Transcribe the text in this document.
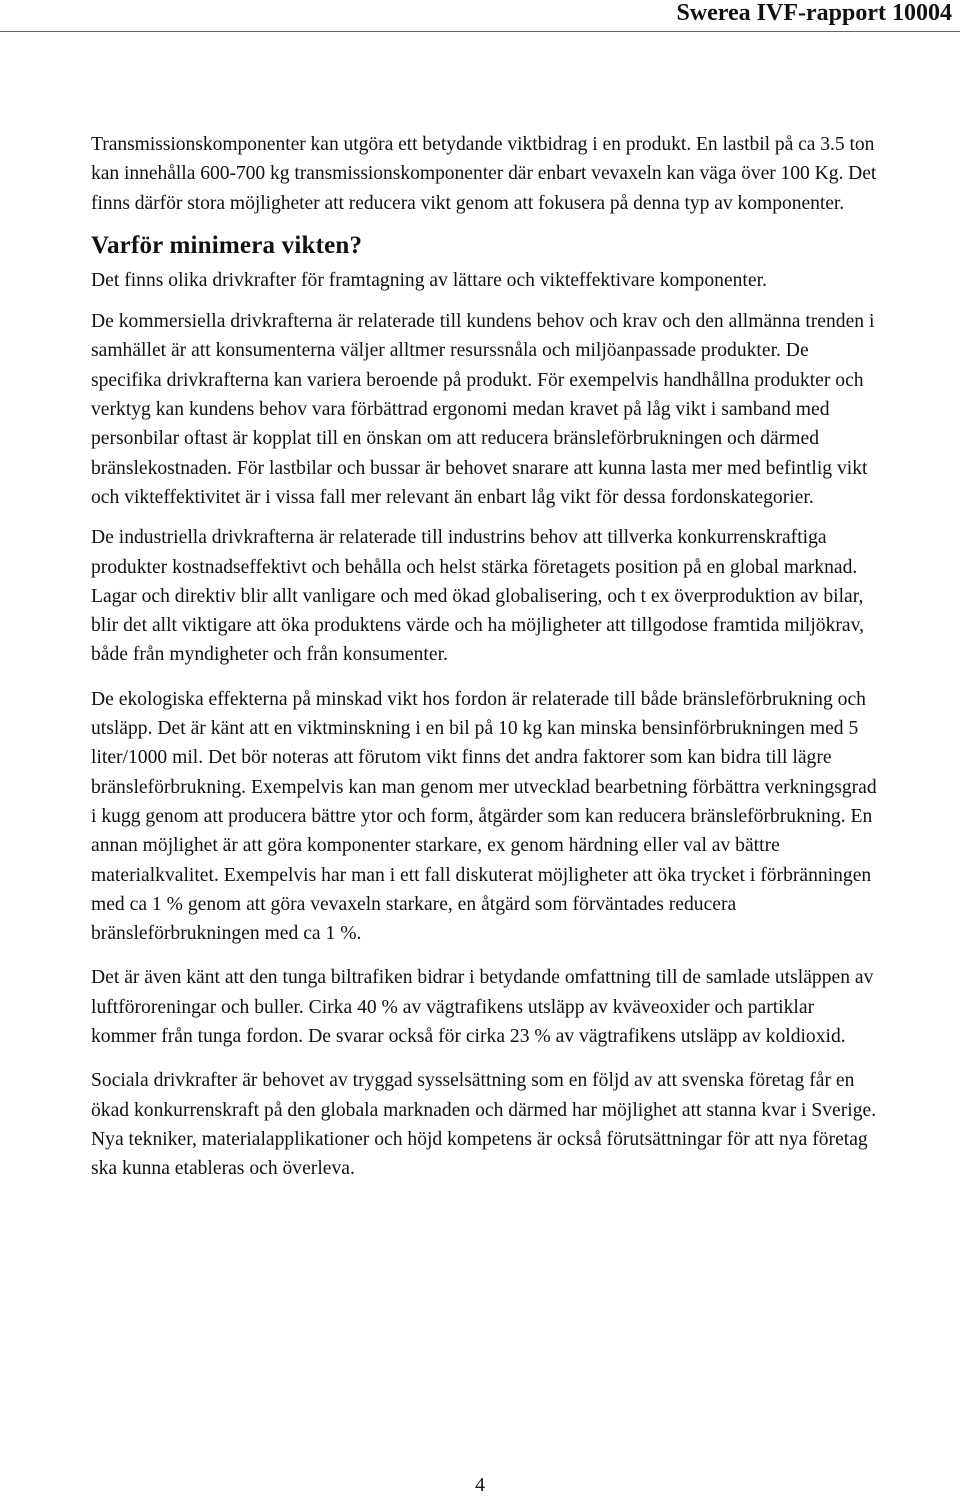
Swerea IVF-rapport 10004

Transmissionskomponenter kan utgöra ett betydande viktbidrag i en produkt. En lastbil på ca 3.5 ton kan innehålla 600-700 kg transmissionskomponenter där enbart vevaxeln kan väga över 100 Kg. Det finns därför stora möjligheter att reducera vikt genom att fokusera på denna typ av komponenter.

Varför minimera vikten?

Det finns olika drivkrafter för framtagning av lättare och vikteffektivare komponenter.

De kommersiella drivkrafterna är relaterade till kundens behov och krav och den allmänna trenden i samhället är att konsumenterna väljer alltmer resurssnåla och miljöanpassade produkter. De specifika drivkrafterna kan variera beroende på produkt. För exempelvis handhållna produkter och verktyg kan kundens behov vara förbättrad ergonomi medan kravet på låg vikt i samband med personbilar oftast är kopplat till en önskan om att reducera bränsleförbrukningen och därmed bränslekostnaden. För lastbilar och bussar är behovet snarare att kunna lasta mer med befintlig vikt och vikteffektivitet är i vissa fall mer relevant än enbart låg vikt för dessa fordonskategorier.

De industriella drivkrafterna är relaterade till industrins behov att tillverka konkurrenskraftiga produkter kostnadseffektivt och behålla och helst stärka företagets position på en global marknad. Lagar och direktiv blir allt vanligare och med ökad globalisering, och t ex överproduktion av bilar, blir det allt viktigare att öka produktens värde och ha möjligheter att tillgodose framtida miljökrav, både från myndigheter och från konsumenter.

De ekologiska effekterna på minskad vikt hos fordon är relaterade till både bränsleförbrukning och utsläpp. Det är känt att en viktminskning i en bil på 10 kg kan minska bensinförbrukningen med 5 liter/1000 mil. Det bör noteras att förutom vikt finns det andra faktorer som kan bidra till lägre bränsleförbrukning. Exempelvis kan man genom mer utvecklad bearbetning förbättra verkningsgrad i kugg genom att producera bättre ytor och form, åtgärder som kan reducera bränsleförbrukning. En annan möjlighet är att göra komponenter starkare, ex genom härdning eller val av bättre materialkvalitet. Exempelvis har man i ett fall diskuterat möjligheter att öka trycket i förbränningen med ca 1 % genom att göra vevaxeln starkare, en åtgärd som förväntades reducera bränsleförbrukningen med ca 1 %.

Det är även känt att den tunga biltrafiken bidrar i betydande omfattning till de samlade utsläppen av luftföroreningar och buller. Cirka 40 % av vägtrafikens utsläpp av kväveoxider och partiklar kommer från tunga fordon. De svarar också för cirka 23 % av vägtrafikens utsläpp av koldioxid.

Sociala drivkrafter är behovet av tryggad sysselsättning som en följd av att svenska företag får en ökad konkurrenskraft på den globala marknaden och därmed har möjlighet att stanna kvar i Sverige. Nya tekniker, materialapplikationer och höjd kompetens är också förutsättningar för att nya företag ska kunna etableras och överleva.

4
